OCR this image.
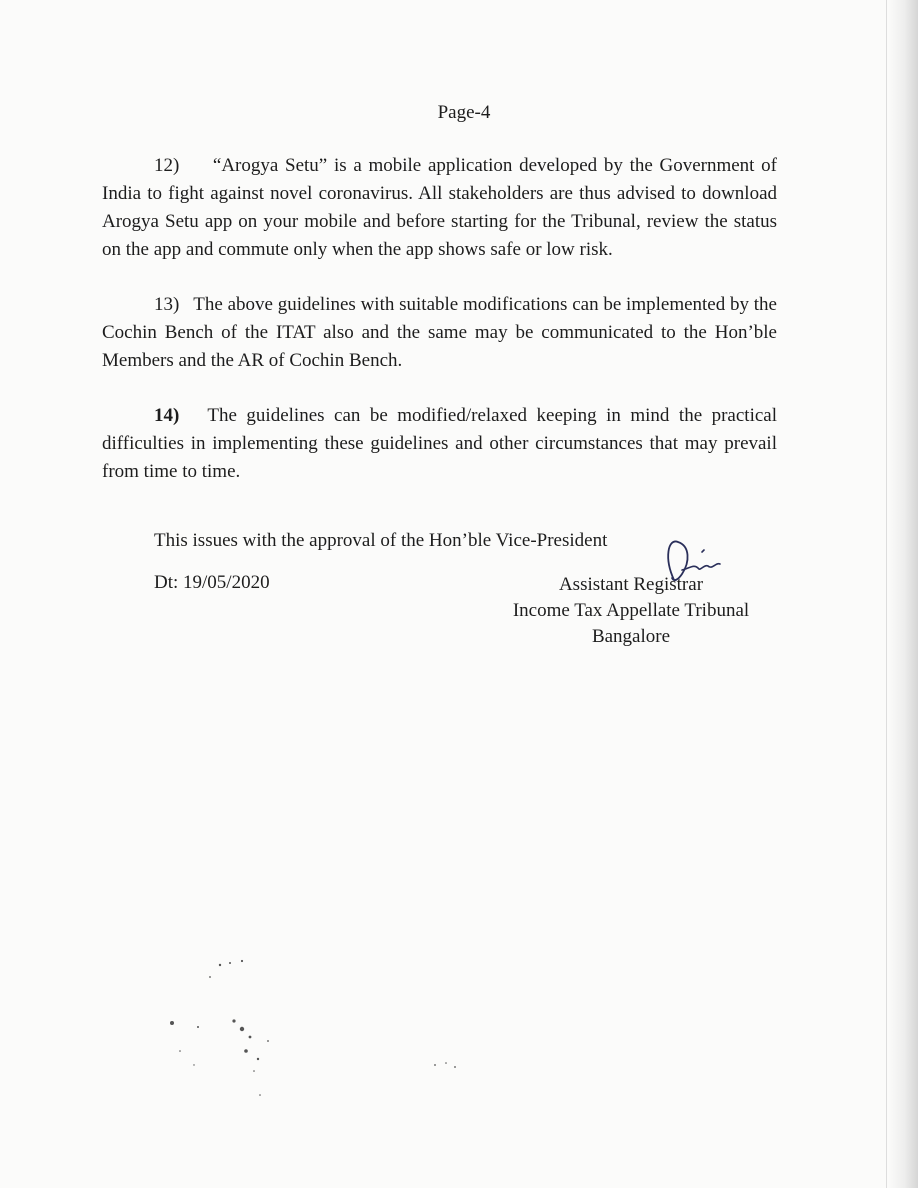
Page-4

12) “Arogya Setu” is a mobile application developed by the Government of India to fight against novel coronavirus. All stakeholders are thus advised to download Arogya Setu app on your mobile and before starting for the Tribunal, review the status on the app and commute only when the app shows safe or low risk.

13) The above guidelines with suitable modifications can be implemented by the Cochin Bench of the ITAT also and the same may be communicated to the Hon’ble Members and the AR of Cochin Bench.

14) The guidelines can be modified/relaxed keeping in mind the practical difficulties in implementing these guidelines and other circumstances that may prevail from time to time.

This issues with the approval of the Hon’ble Vice-President
Dt: 19/05/2020	Assistant Registrar
Income Tax Appellate Tribunal
Bangalore
